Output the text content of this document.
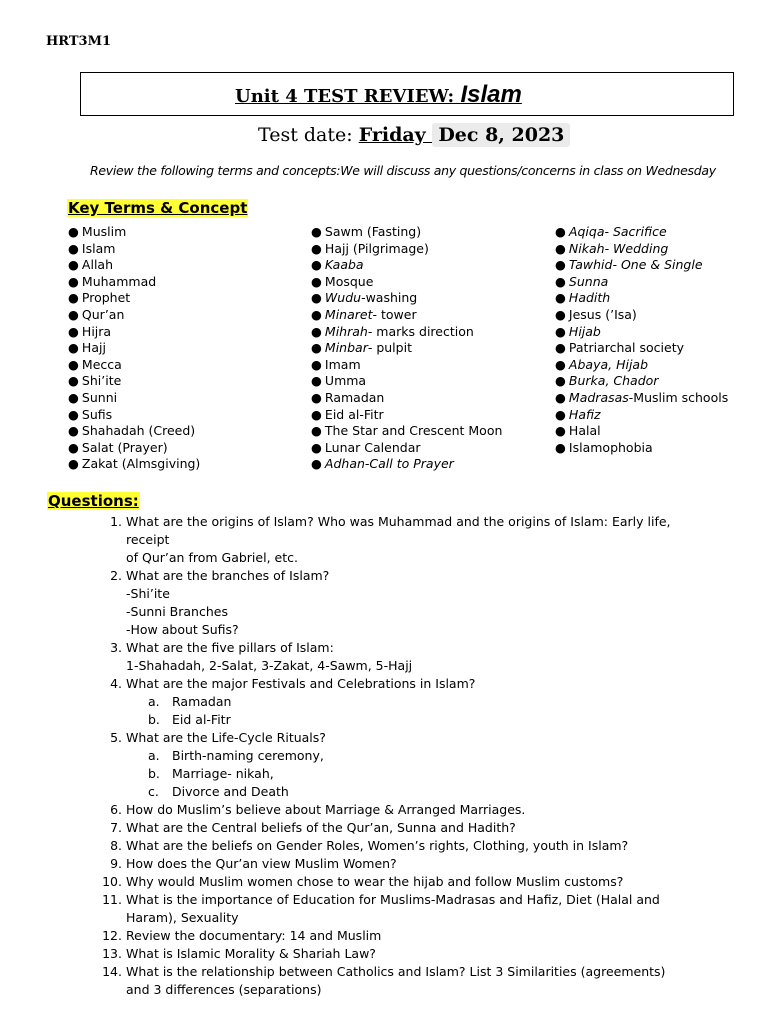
HRT3M1
Unit 4 TEST REVIEW: Islam
Test date: Friday Dec 8, 2023
Review the following terms and concepts:We will discuss any questions/concerns in class on Wednesday
Key Terms & Concept
● Muslim
● Islam
● Allah
● Muhammad
● Prophet
● Qur’an
● Hijra
● Hajj
● Mecca
● Shi’ite
● Sunni
● Sufis
● Shahadah (Creed)
● Salat (Prayer)
● Zakat (Almsgiving)
● Sawm (Fasting)
● Hajj (Pilgrimage)
● Kaaba
● Mosque
● Wudu-washing
● Minaret- tower
● Mihrah- marks direction
● Minbar- pulpit
● Imam
● Umma
● Ramadan
● Eid al-Fitr
● The Star and Crescent Moon
● Lunar Calendar
● Adhan-Call to Prayer
● Aqiqa- Sacrifice
● Nikah- Wedding
● Tawhid- One & Single
● Sunna
● Hadith
● Jesus (’Isa)
● Hijab
● Patriarchal society
● Abaya, Hijab
● Burka, Chador
● Madrasas-Muslim schools
● Hafiz
● Halal
● Islamophobia
Questions:
1. What are the origins of Islam? Who was Muhammad and the origins of Islam: Early life, receipt
of Qur’an from Gabriel, etc.
2. What are the branches of Islam?
-Shi’ite
-Sunni Branches
-How about Sufis?
3. What are the five pillars of Islam:
1-Shahadah, 2-Salat, 3-Zakat, 4-Sawm, 5-Hajj
4. What are the major Festivals and Celebrations in Islam?
a. Ramadan
b. Eid al-Fitr
5. What are the Life-Cycle Rituals?
a. Birth-naming ceremony,
b. Marriage- nikah,
c. Divorce and Death
6. How do Muslim’s believe about Marriage & Arranged Marriages.
7. What are the Central beliefs of the Qur’an, Sunna and Hadith?
8. What are the beliefs on Gender Roles, Women’s rights, Clothing, youth in Islam?
9. How does the Qur’an view Muslim Women?
10. Why would Muslim women chose to wear the hijab and follow Muslim customs?
11. What is the importance of Education for Muslims-Madrasas and Hafiz, Diet (Halal and
Haram), Sexuality
12. Review the documentary: 14 and Muslim
13. What is Islamic Morality & Shariah Law?
14. What is the relationship between Catholics and Islam? List 3 Similarities (agreements)
and 3 differences (separations)
